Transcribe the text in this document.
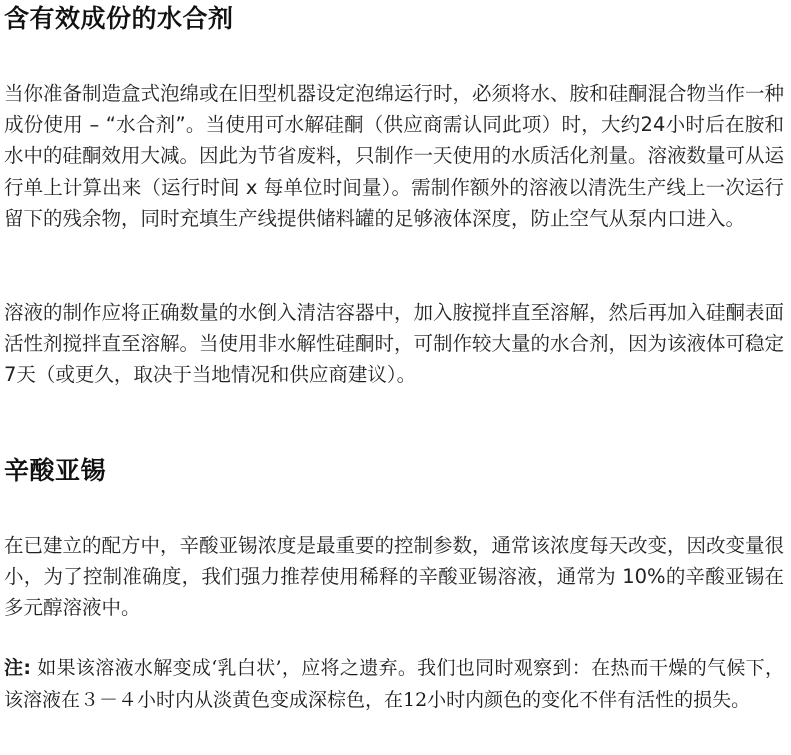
含有效成份的水合剂

当你准备制造盒式泡绵或在旧型机器设定泡绵运行时，必须将水、胺和硅酮混合物当作一种成份使用 – “水合剂”。当使用可水解硅酮（供应商需认同此项）时，大约24小时后在胺和水中的硅酮效用大减。因此为节省废料，只制作一天使用的水质活化剂量。溶液数量可从运行单上计算出来（运行时间 x 每单位时间量）。需制作额外的溶液以清洗生产线上一次运行留下的残余物，同时充填生产线提供储料罐的足够液体深度，防止空气从泵内口进入。

溶液的制作应将正确数量的水倒入清洁容器中，加入胺搅拌直至溶解，然后再加入硅酮表面活性剂搅拌直至溶解。当使用非水解性硅酮时，可制作较大量的水合剂，因为该液体可稳定7天（或更久，取决于当地情况和供应商建议）。

辛酸亚锡

在已建立的配方中，辛酸亚锡浓度是最重要的控制参数，通常该浓度每天改变，因改变量很小，为了控制准确度，我们强力推荐使用稀释的辛酸亚锡溶液，通常为 10%的辛酸亚锡在多元醇溶液中。

注: 如果该溶液水解变成‘乳白状’，应将之遗弃。我们也同时观察到：在热而干燥的气候下，该溶液在３－４小时内从淡黄色变成深棕色，在12小时内颜色的变化不伴有活性的损失。
